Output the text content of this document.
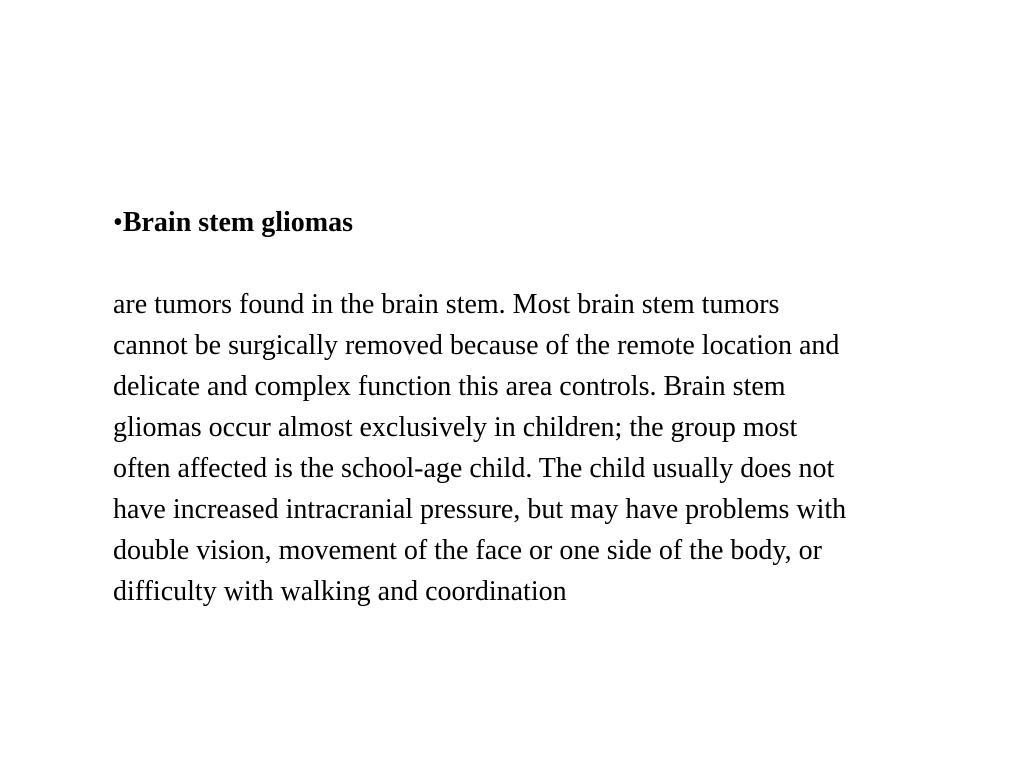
•Brain stem gliomas
are tumors found in the brain stem. Most brain stem tumors
cannot be surgically removed because of the remote location and
delicate and complex function this area controls. Brain stem
gliomas occur almost exclusively in children; the group most
often affected is the school-age child. The child usually does not
have increased intracranial pressure, but may have problems with
double vision, movement of the face or one side of the body, or
difficulty with walking and coordination
